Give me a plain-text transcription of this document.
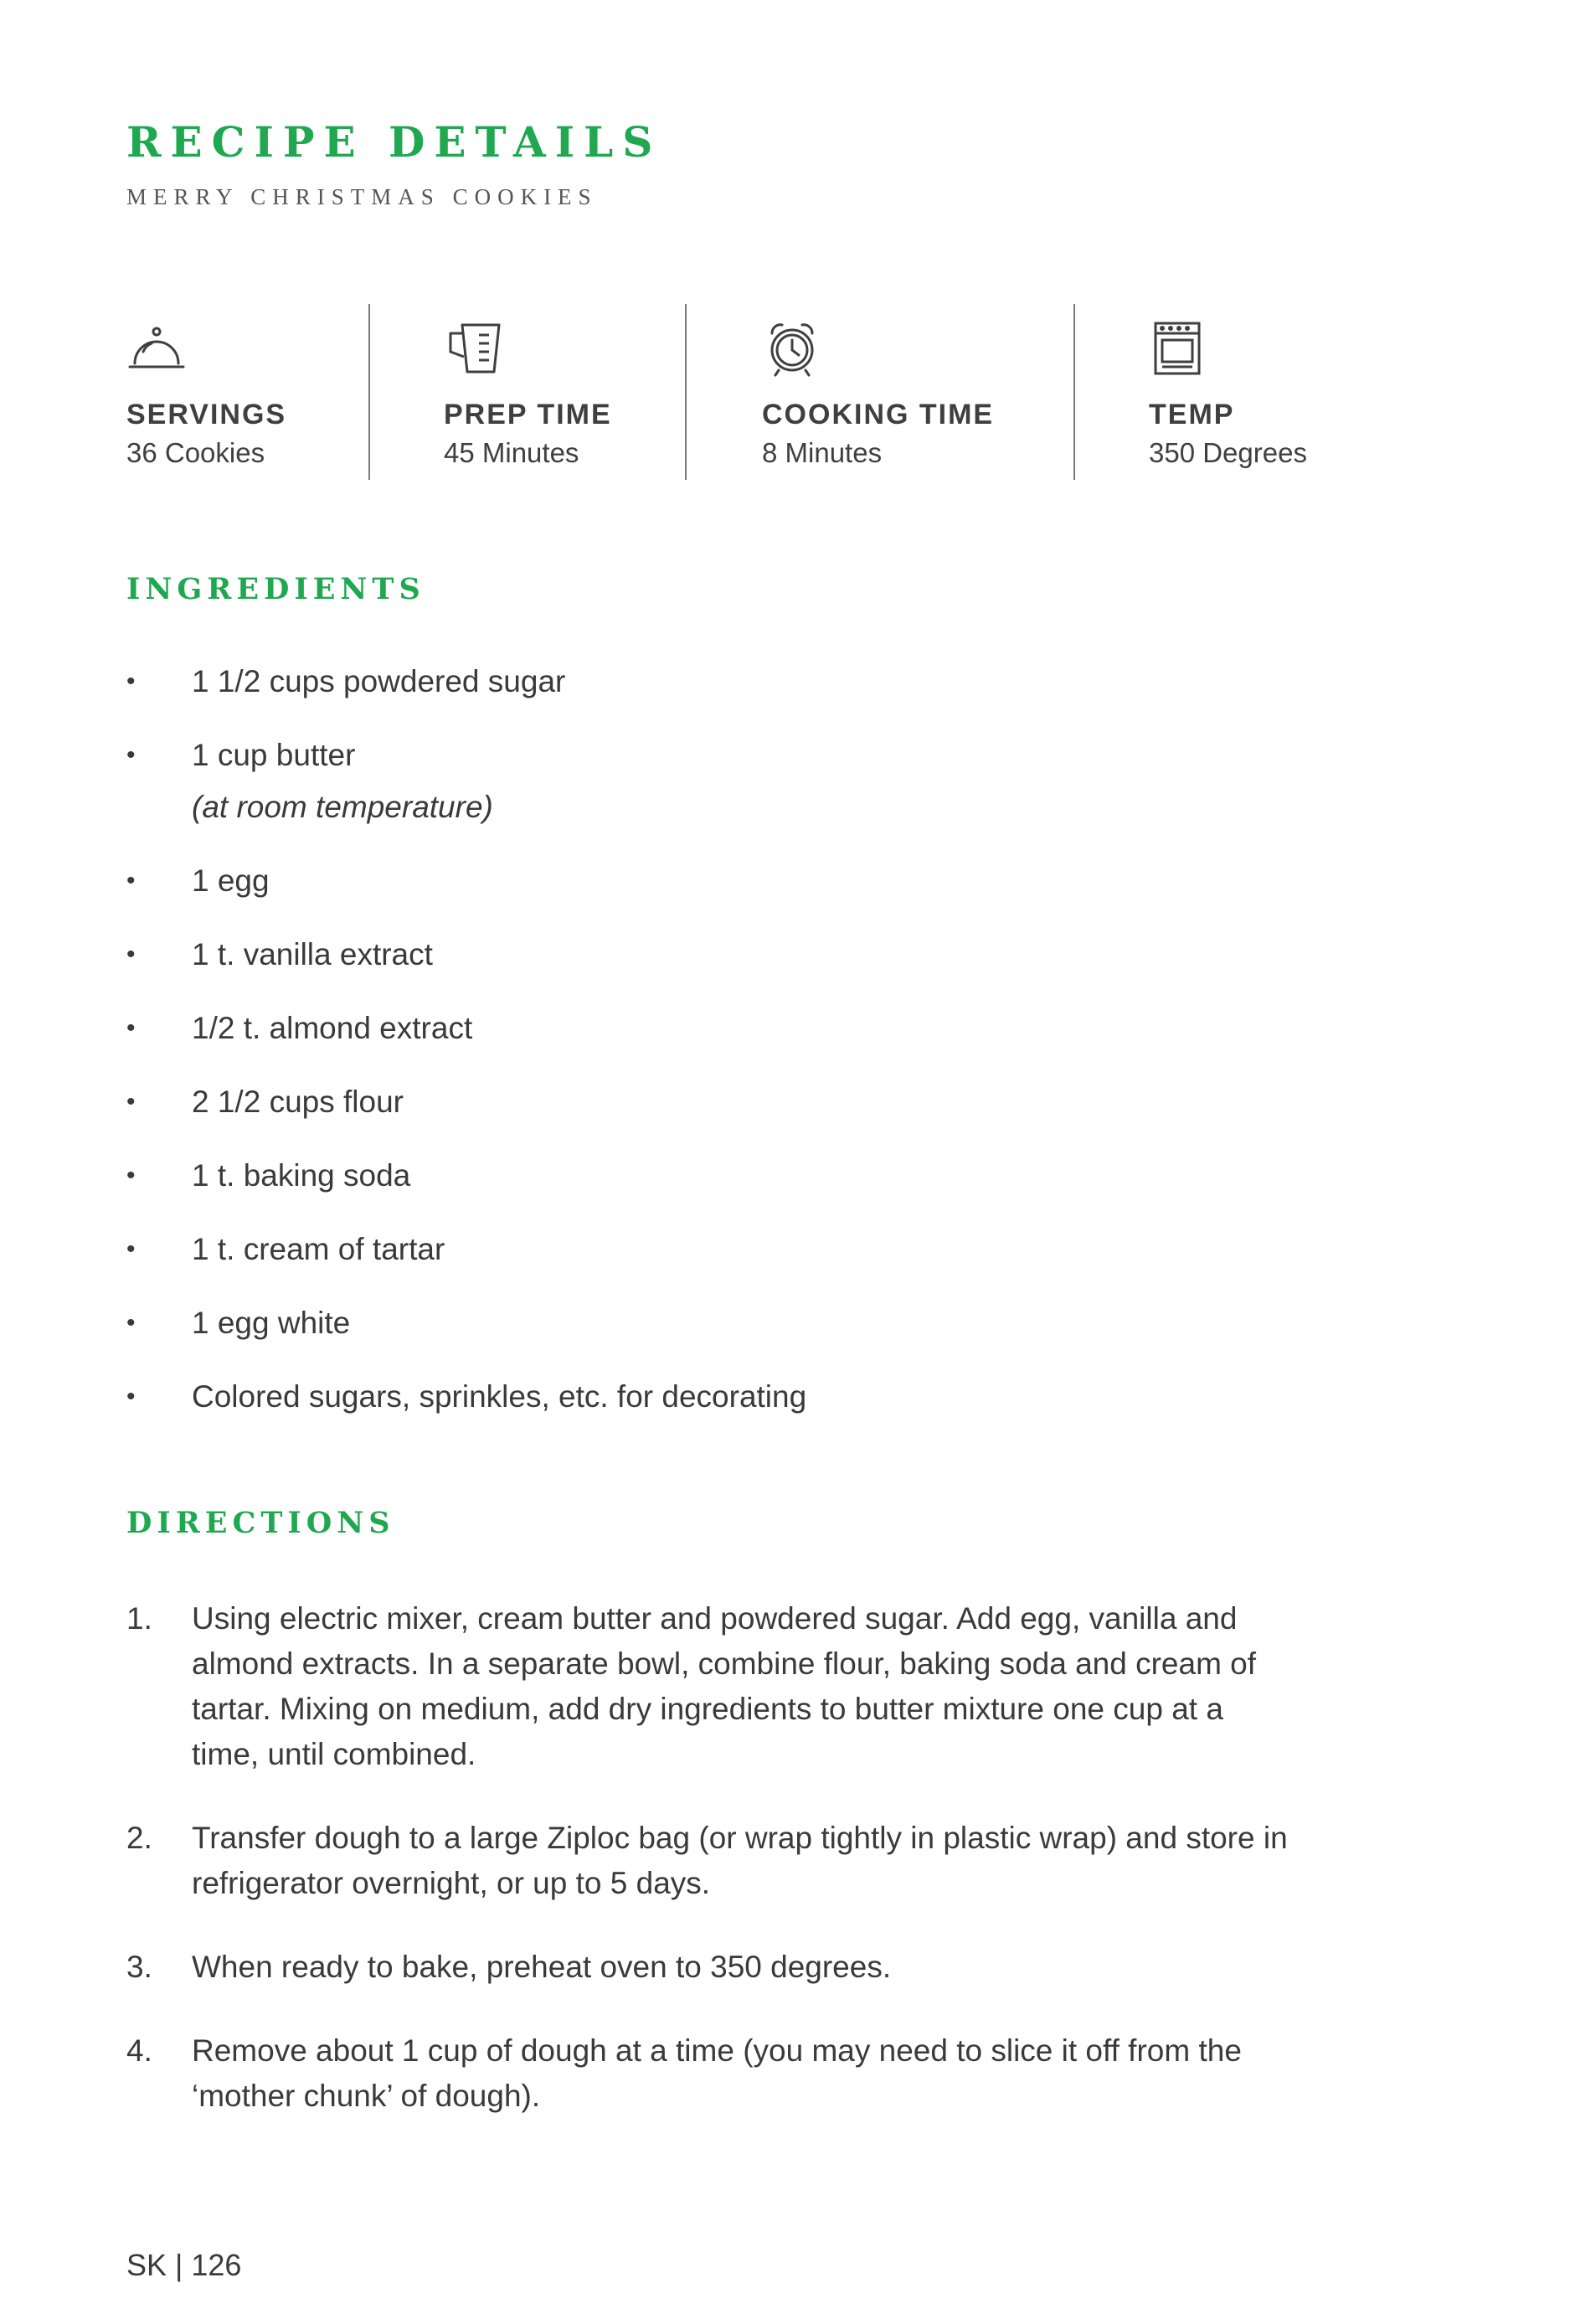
RECIPE DETAILS
MERRY CHRISTMAS COOKIES
SERVINGS
36 Cookies
PREP TIME
45 Minutes
COOKING TIME
8 Minutes
TEMP
350 Degrees
INGREDIENTS
• 1 1/2 cups powdered sugar
• 1 cup butter
(at room temperature)
• 1 egg
• 1 t. vanilla extract
• 1/2 t. almond extract
• 2 1/2 cups flour
• 1 t. baking soda
• 1 t. cream of tartar
• 1 egg white
• Colored sugars, sprinkles, etc. for decorating
DIRECTIONS
1. Using electric mixer, cream butter and powdered sugar. Add egg, vanilla and almond extracts. In a separate bowl, combine flour, baking soda and cream of tartar. Mixing on medium, add dry ingredients to butter mixture one cup at a time, until combined.
2. Transfer dough to a large Ziploc bag (or wrap tightly in plastic wrap) and store in refrigerator overnight, or up to 5 days.
3. When ready to bake, preheat oven to 350 degrees.
4. Remove about 1 cup of dough at a time (you may need to slice it off from the ‘mother chunk’ of dough).
SK | 126
